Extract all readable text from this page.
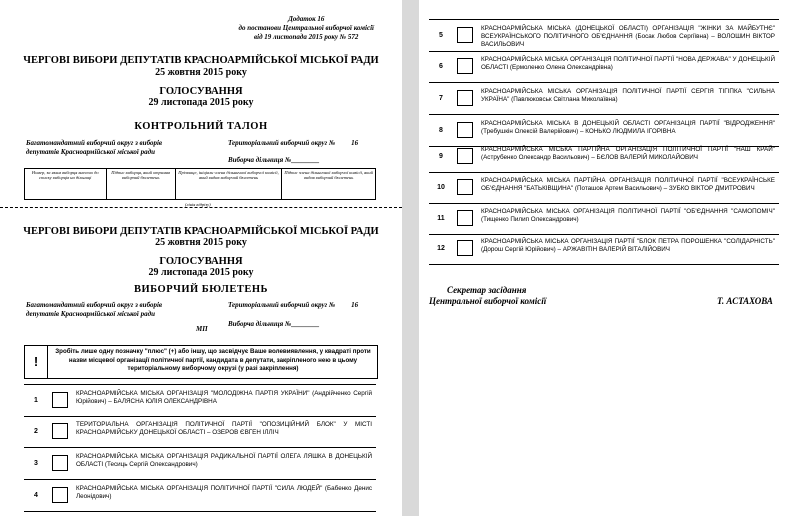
Додаток 16
до постанови Центральної виборчої комісії
від 19 листопада 2015 року № 572
ЧЕРГОВІ ВИБОРИ ДЕПУТАТІВ КРАСНОАРМІЙСЬКОЇ МІСЬКОЇ РАДИ
25 жовтня 2015 року
ГОЛОСУВАННЯ
29 листопада 2015 року
КОНТРОЛЬНИЙ ТАЛОН
Багатомандатний виборчий округ з виборів
депутатів Красноармійської міської ради
Територіальний виборчий округ № 16
Виборча дільниця №________
Номер, за яким виборця внесено до списку виборців на дільниці	Підпис виборця, який отримав виборчий бюлетень	Прізвище, ініціали члена дільничної виборчої комісії, який видав виборчий бюлетень	Підпис члена дільничної виборчої комісії, який видав виборчий бюлетень
(лінія відрізу)
ЧЕРГОВІ ВИБОРИ ДЕПУТАТІВ КРАСНОАРМІЙСЬКОЇ МІСЬКОЇ РАДИ
25 жовтня 2015 року
ГОЛОСУВАННЯ
29 листопада 2015 року
ВИБОРЧИЙ БЮЛЕТЕНЬ
Багатомандатний виборчий округ з виборів
депутатів Красноармійської міської ради
Територіальний виборчий округ № 16
МП
Виборча дільниця №________
!
Зробіть лише одну позначку "плюс" (+) або іншу, що засвідчує Ваше волевиявлення, у квадраті проти назви місцевої організації політичної партії, кандидата в депутати, закріпленого нею в цьому територіальному виборчому окрузі (у разі закріплення)
1
КРАСНОАРМІЙСЬКА МІСЬКА ОРГАНІЗАЦІЯ "МОЛОДІЖНА ПАРТІЯ УКРАЇНИ" (Андрійченко Сергій Юрійович) – БАЛЯСНА ЮЛІЯ ОЛЕКСАНДРІВНА
2
ТЕРИТОРІАЛЬНА ОРГАНІЗАЦІЯ ПОЛІТИЧНОЇ ПАРТІЇ "ОПОЗИЦІЙНИЙ БЛОК" У МІСТІ КРАСНОАРМІЙСЬКУ ДОНЕЦЬКОЇ ОБЛАСТІ – ОЗЕРОВ ЄВГЕН ІЛЛІЧ
3
КРАСНОАРМІЙСЬКА МІСЬКА ОРГАНІЗАЦІЯ РАДИКАЛЬНОЇ ПАРТІЇ ОЛЕГА ЛЯШКА В ДОНЕЦЬКІЙ ОБЛАСТІ (Тесиць Сергій Олександрович)
4
КРАСНОАРМІЙСЬКА МІСЬКА ОРГАНІЗАЦІЯ ПОЛІТИЧНОЇ ПАРТІЇ "СИЛА ЛЮДЕЙ" (Бабенко Денис Леонідович)
5
КРАСНОАРМІЙСЬКА МІСЬКА (ДОНЕЦЬКОЇ ОБЛАСТІ) ОРГАНІЗАЦІЯ "ЖІНКИ ЗА МАЙБУТНЄ" ВСЕУКРАЇНСЬКОГО ПОЛІТИЧНОГО ОБ'ЄДНАННЯ (Босак Любов Сергіївна) – ВОЛОШИН ВІКТОР ВАСИЛЬОВИЧ
6
КРАСНОАРМІЙСЬКА МІСЬКА ОРГАНІЗАЦІЯ ПОЛІТИЧНОЇ ПАРТІЇ "НОВА ДЕРЖАВА" У ДОНЕЦЬКІЙ ОБЛАСТІ (Ермоленко Олена Олександрівна)
7
КРАСНОАРМІЙСЬКА МІСЬКА ОРГАНІЗАЦІЯ ПОЛІТИЧНОЇ ПАРТІЇ СЕРГІЯ ТІГІПКА "СИЛЬНА УКРАЇНА" (Павлюковськ Світлана Миколаївна)
8
КРАСНОАРМІЙСЬКА МІСЬКА В ДОНЕЦЬКІЙ ОБЛАСТІ ОРГАНІЗАЦІЯ ПАРТІЇ "ВІДРОДЖЕННЯ" (Требушкін Олексій Валерійович) – КОНЬКО ЛЮДМИЛА ІГОРІВНА
9
КРАСНОАРМІЙСЬКА МІСЬКА ПАРТІЙНА ОРГАНІЗАЦІЯ ПОЛІТИЧНОЇ ПАРТІЇ "НАШ КРАЙ" (Аструбенко Олександр Васильович) – БЄЛОВ ВАЛЕРІЙ МИКОЛАЙОВИЧ
10
КРАСНОАРМІЙСЬКА МІСЬКА ПАРТІЙНА ОРГАНІЗАЦІЯ ПОЛІТИЧНОЇ ПАРТІЇ "ВСЕУКРАЇНСЬКЕ ОБ'ЄДНАННЯ "БАТЬКІВЩИНА" (Поташов Артем Васильович) – ЗУБКО ВІКТОР ДМИТРОВИЧ
11
КРАСНОАРМІЙСЬКА МІСЬКА ОРГАНІЗАЦІЯ ПОЛІТИЧНОЇ ПАРТІЇ "ОБ'ЄДНАННЯ "САМОПОМІЧ" (Тищенко Пилип Олександрович)
12
КРАСНОАРМІЙСЬКА МІСЬКА ОРГАНІЗАЦІЯ ПАРТІЇ "БЛОК ПЕТРА ПОРОШЕНКА "СОЛІДАРНІСТЬ" (Дорош Сергій Юрійович) – АРЖАВІТІН ВАЛЕРІЙ ВІТАЛІЙОВИЧ
Секретар засідання
Центральної виборчої комісії	Т. АСТАХОВА
